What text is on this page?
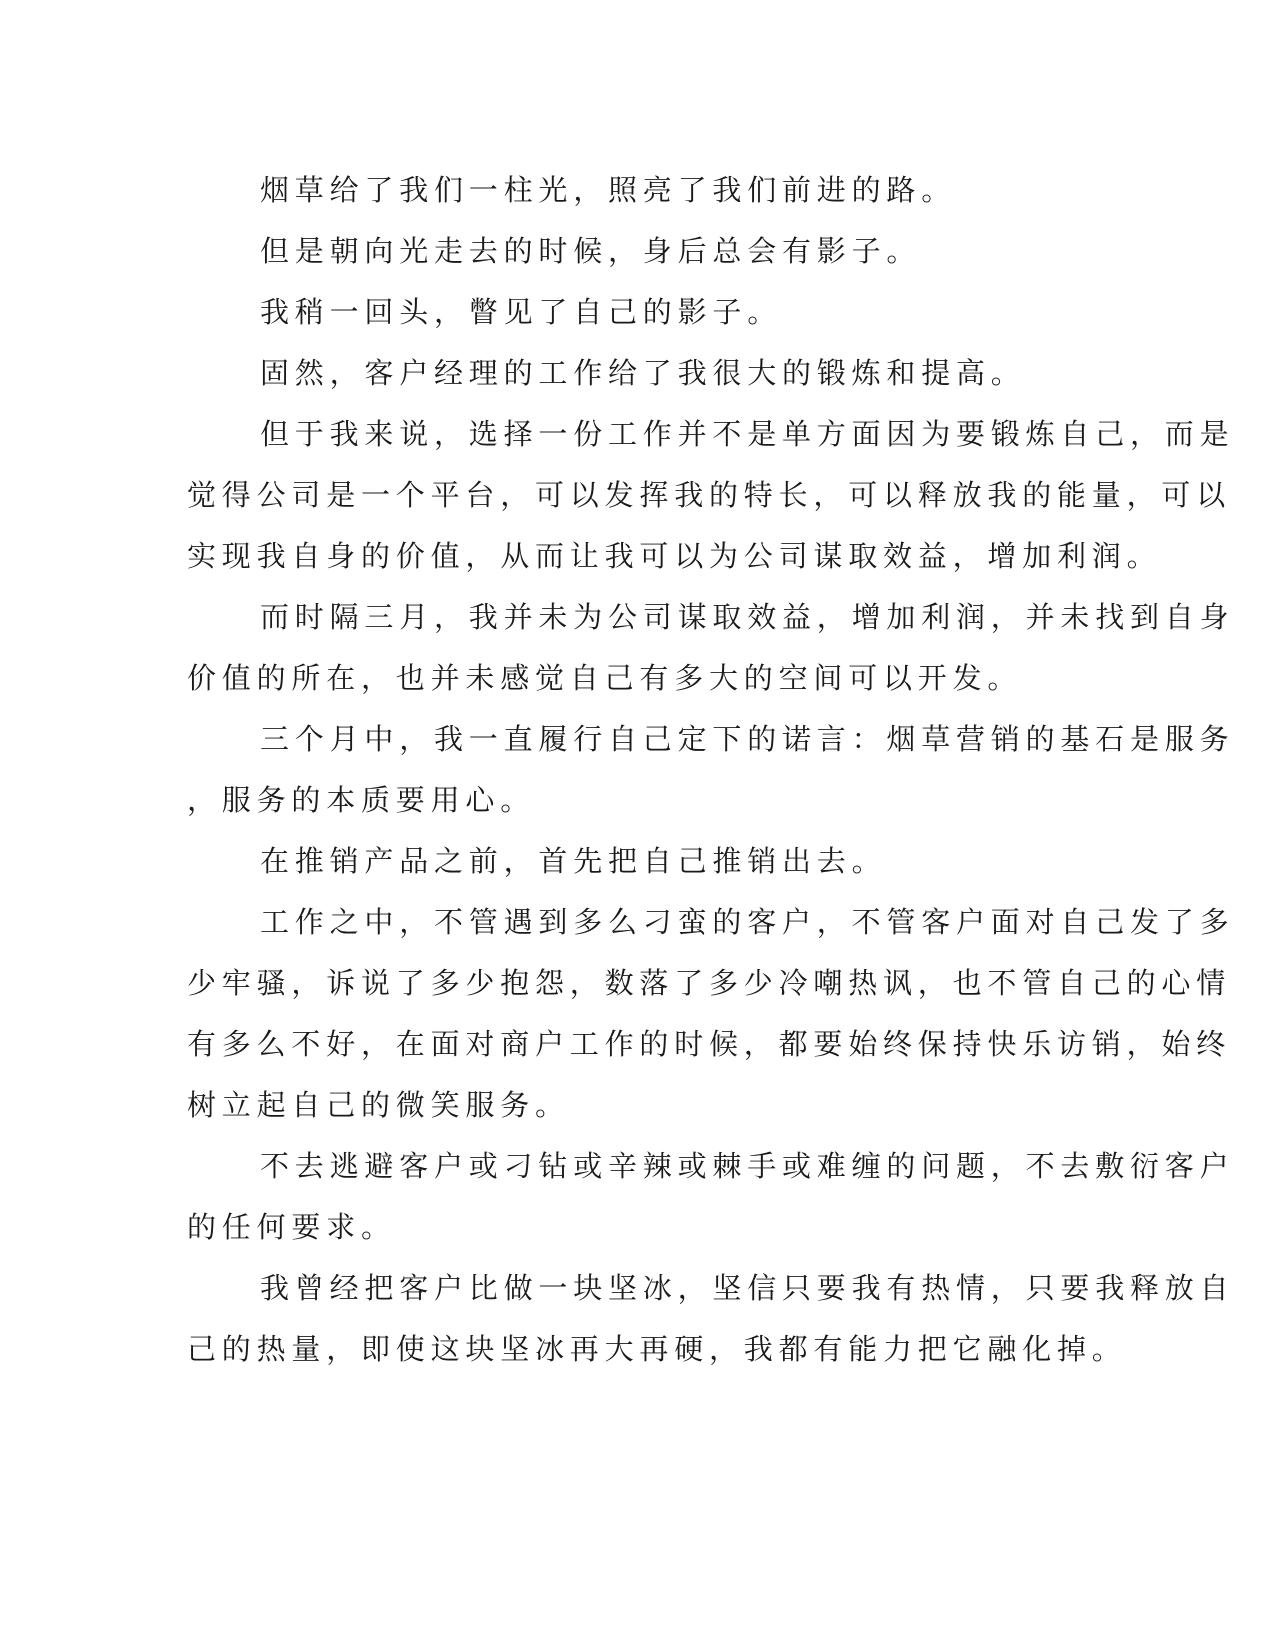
烟草给了我们一柱光，照亮了我们前进的路。
但是朝向光走去的时候，身后总会有影子。
我稍一回头，瞥见了自己的影子。
固然，客户经理的工作给了我很大的锻炼和提高。
但于我来说，选择一份工作并不是单方面因为要锻炼自己，而是
觉得公司是一个平台，可以发挥我的特长，可以释放我的能量，可以
实现我自身的价值，从而让我可以为公司谋取效益，增加利润。
而时隔三月，我并未为公司谋取效益，增加利润，并未找到自身
价值的所在，也并未感觉自己有多大的空间可以开发。
三个月中，我一直履行自己定下的诺言：烟草营销的基石是服务
，服务的本质要用心。
在推销产品之前，首先把自己推销出去。
工作之中，不管遇到多么刁蛮的客户，不管客户面对自己发了多
少牢骚，诉说了多少抱怨，数落了多少冷嘲热讽，也不管自己的心情
有多么不好，在面对商户工作的时候，都要始终保持快乐访销，始终
树立起自己的微笑服务。
不去逃避客户或刁钻或辛辣或棘手或难缠的问题，不去敷衍客户
的任何要求。
我曾经把客户比做一块坚冰，坚信只要我有热情，只要我释放自
己的热量，即使这块坚冰再大再硬，我都有能力把它融化掉。
